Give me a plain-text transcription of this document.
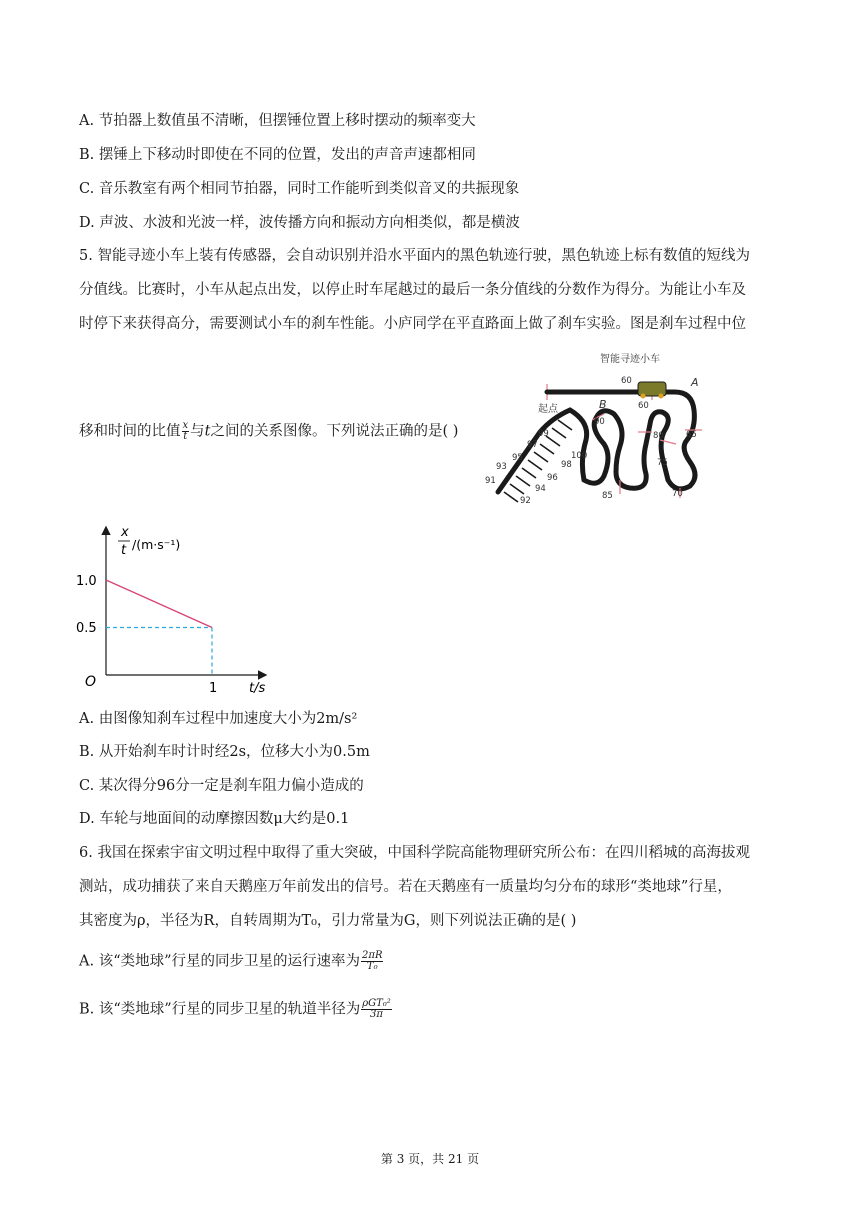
A. 节拍器上数值虽不清晰，但摆锤位置上移时摆动的频率变大
B. 摆锤上下移动时即使在不同的位置，发出的声音声速都相同
C. 音乐教室有两个相同节拍器，同时工作能听到类似音叉的共振现象
D. 声波、水波和光波一样，波传播方向和振动方向相类似，都是横波
5. 智能寻迹小车上装有传感器，会自动识别并沿水平面内的黑色轨迹行驶，黑色轨迹上标有数值的短线为
分值线。比赛时，小车从起点出发，以停止时车尾越过的最后一条分值线的分数作为得分。为能让小车及
时停下来获得高分，需要测试小车的刹车性能。小庐同学在平直路面上做了刹车实验。图是刹车过程中位
移和时间的比值 $\frac{x}{t}$ 与t之间的关系图像。下列说法正确的是( )
智能寻迹小车
起点
A
B
60
60
80	65
75
70
85
90
100
99
98
97
96
95
94
93
92
91
x
t /(m·s⁻¹)
t/s
O
1.0
0.5
1
A. 由图像知刹车过程中加速度大小为2m/s²
B. 从开始刹车时计时经2s，位移大小为0.5m
C. 某次得分96分一定是刹车阻力偏小造成的
D. 车轮与地面间的动摩擦因数μ大约是0.1
6. 我国在探索宇宙文明过程中取得了重大突破，中国科学院高能物理研究所公布：在四川稻城的高海拔观
测站，成功捕获了来自天鹅座万年前发出的信号。若在天鹅座有一质量均匀分布的球形“类地球”行星，
其密度为ρ，半径为R，自转周期为T₀，引力常量为G，则下列说法正确的是( )
A. 该“类地球”行星的同步卫星的运行速率为 $\frac{2\pi R}{\text{T₀}}$
B. 该“类地球”行星的同步卫星的轨道半径为 $\frac{\text{ρGT₀²}}{3\pi}$
第 3 页，共 21 页
